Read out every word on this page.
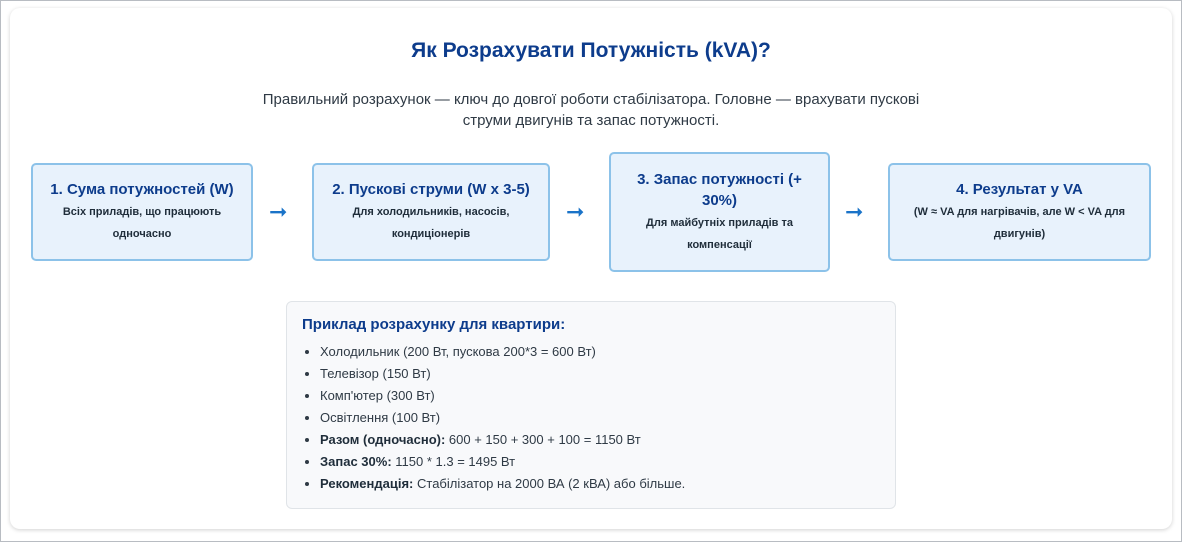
Як Розрахувати Потужність (kVA)?

Правильний розрахунок — ключ до довгої роботи стабілізатора. Головне — врахувати пускові струми двигунів та запас потужності.

1. Сума потужностей (W)
Всіх приладів, що працюють одночасно
➞
2. Пускові струми (W x 3-5)
Для холодильників, насосів, кондиціонерів
➞
3. Запас потужності (+ 30%)
Для майбутніх приладів та компенсації
➞
4. Результат у VA
(W ≈ VA для нагрівачів, але W < VA для двигунів)
Приклад розрахунку для квартири:
• Холодильник (200 Вт, пускова 200*3 = 600 Вт)
• Телевізор (150 Вт)
• Комп'ютер (300 Вт)
• Освітлення (100 Вт)
• Разом (одночасно): 600 + 150 + 300 + 100 = 1150 Вт
• Запас 30%: 1150 * 1.3 = 1495 Вт
• Рекомендація: Стабілізатор на 2000 ВА (2 кВА) або більше.
